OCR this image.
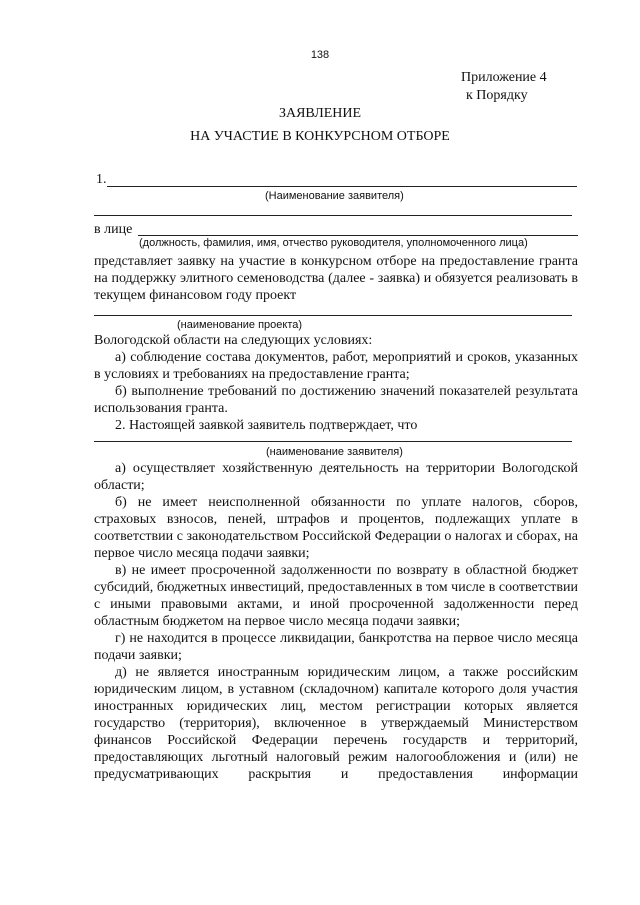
138
Приложение 4
к Порядку
ЗАЯВЛЕНИЕ
НА УЧАСТИЕ В КОНКУРСНОМ ОТБОРЕ
1.
(Наименование заявителя)
в лице
(должность, фамилия, имя, отчество руководителя, уполномоченного лица)

представляет заявку на участие в конкурсном отборе на предоставление гранта на поддержку элитного семеноводства (далее - заявка) и обязуется реализовать в текущем финансовом году проект

(наименование проекта)

Вологодской области на следующих условиях:

а) соблюдение состава документов, работ, мероприятий и сроков, указанных в условиях и требованиях на предоставление гранта;

б) выполнение требований по достижению значений показателей результата использования гранта.

2. Настоящей заявкой заявитель подтверждает, что

(наименование заявителя)

а) осуществляет хозяйственную деятельность на территории Вологодской области;

б) не имеет неисполненной обязанности по уплате налогов, сборов, страховых взносов, пеней, штрафов и процентов, подлежащих уплате в соответствии с законодательством Российской Федерации о налогах и сборах, на первое число месяца подачи заявки;

в) не имеет просроченной задолженности по возврату в областной бюджет субсидий, бюджетных инвестиций, предоставленных в том числе в соответствии с иными правовыми актами, и иной просроченной задолженности перед областным бюджетом на первое число месяца подачи заявки;

г) не находится в процессе ликвидации, банкротства на первое число месяца подачи заявки;

д) не является иностранным юридическим лицом, а также российским юридическим лицом, в уставном (складочном) капитале которого доля участия иностранных юридических лиц, местом регистрации которых является государство (территория), включенное в утверждаемый Министерством финансов Российской Федерации перечень государств и территорий, предоставляющих льготный налоговый режим налогообложения и (или) не предусматривающих раскрытия и предоставления информации
